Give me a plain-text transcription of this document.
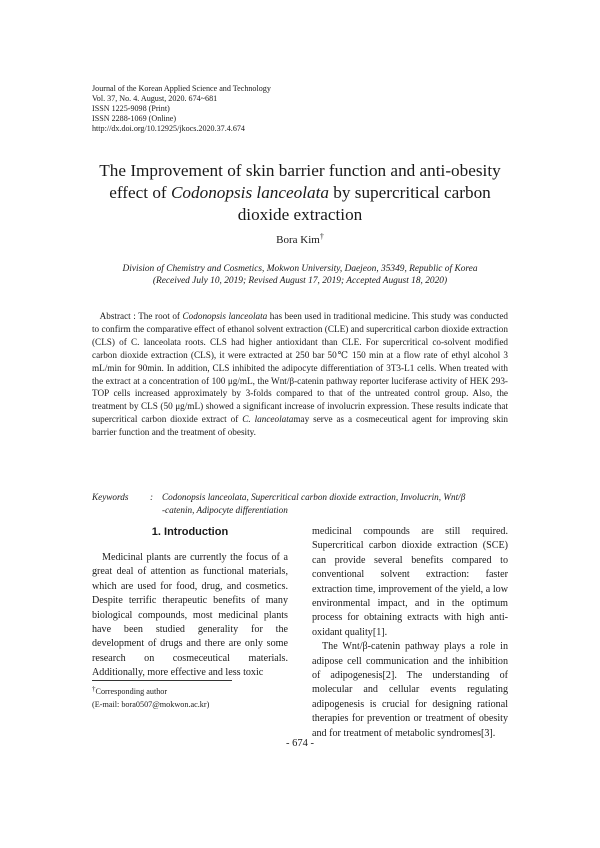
Journal of the Korean Applied Science and Technology
Vol. 37, No. 4. August, 2020. 674~681
ISSN 1225-9098 (Print)
ISSN 2288-1069 (Online)
http://dx.doi.org/10.12925/jkocs.2020.37.4.674
The Improvement of skin barrier function and anti-obesity
effect of Codonopsis lanceolata by supercritical carbon
dioxide extraction
Bora Kim†
Division of Chemistry and Cosmetics, Mokwon University, Daejeon, 35349, Republic of Korea
(Received July 10, 2019; Revised August 17, 2019; Accepted August 18, 2020)
Abstract : The root of Codonopsis lanceolata has been used in traditional medicine. This study was conducted to confirm the comparative effect of ethanol solvent extraction (CLE) and supercritical carbon dioxide extraction (CLS) of C. lanceolata roots. CLS had higher antioxidant than CLE. For supercritical co-solvent modified carbon dioxide extraction (CLS), it were extracted at 250 bar 50℃ 150 min at a flow rate of ethyl alcohol 3 mL/min for 90min. In addition, CLS inhibited the adipocyte differentiation of 3T3-L1 cells. When treated with the extract at a concentration of 100 μg/mL, the Wnt/β-catenin pathway reporter luciferase activity of HEK 293-TOP cells increased approximately by 3-folds compared to that of the untreated control group. Also, the treatment by CLS (50 μg/mL) showed a significant increase of involucrin expression. These results indicate that supercritical carbon dioxide extract of C. lanceolatamay serve as a cosmeceutical agent for improving skin barrier function and the treatment of obesity.
Keywords	: Codonopsis lanceolata, Supercritical carbon dioxide extraction, Involucrin, Wnt/β
-catenin, Adipocyte differentiation
1. Introduction

Medicinal plants are currently the focus of a great deal of attention as functional materials, which are used for food, drug, and cosmetics. Despite terrific therapeutic benefits of many biological compounds, most medicinal plants have been studied generality for the development of drugs and there are only some research on cosmeceutical materials. Additionally, more effective and less toxic

medicinal compounds are still required. Supercritical carbon dioxide extraction (SCE) can provide several benefits compared to conventional solvent extraction: faster extraction time, improvement of the yield, a low environmental impact, and in the optimum process for obtaining extracts with high anti-oxidant quality[1].

The Wnt/β-catenin pathway plays a role in adipose cell communication and the inhibition of adipogenesis[2]. The understanding of molecular and cellular events regulating adipogenesis is crucial for designing rational therapies for prevention or treatment of obesity and for treatment of metabolic syndromes[3].

†Corresponding author
(E-mail: bora0507@mokwon.ac.kr)
- 674 -
